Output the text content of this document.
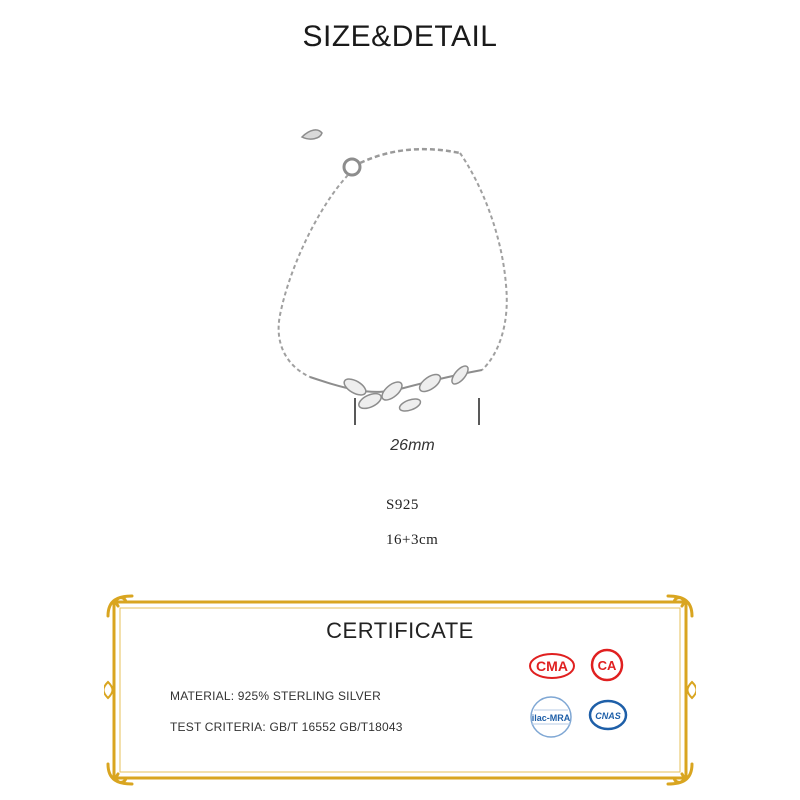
SIZE&DETAIL
26mm
S925
16+3cm
CERTIFICATE
MATERIAL: 925% STERLING SILVER
TEST CRITERIA: GB/T 16552 GB/T18043
CMA CA
ilac-MRA	CNAS
